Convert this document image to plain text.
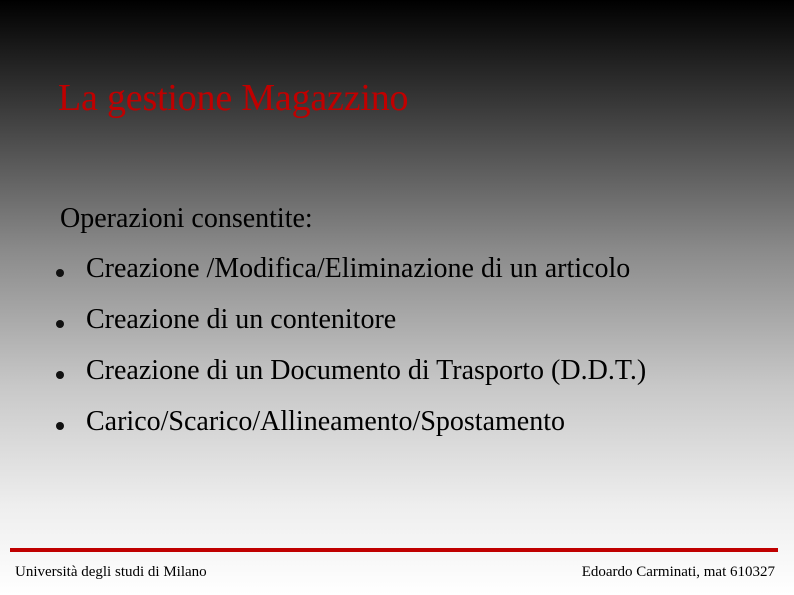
La gestione Magazzino
Operazioni consentite:
Creazione /Modifica/Eliminazione di un articolo
Creazione di un contenitore
Creazione di un Documento di Trasporto (D.D.T.)
Carico/Scarico/Allineamento/Spostamento
Università degli studi di Milano	Edoardo Carminati, mat 610327
